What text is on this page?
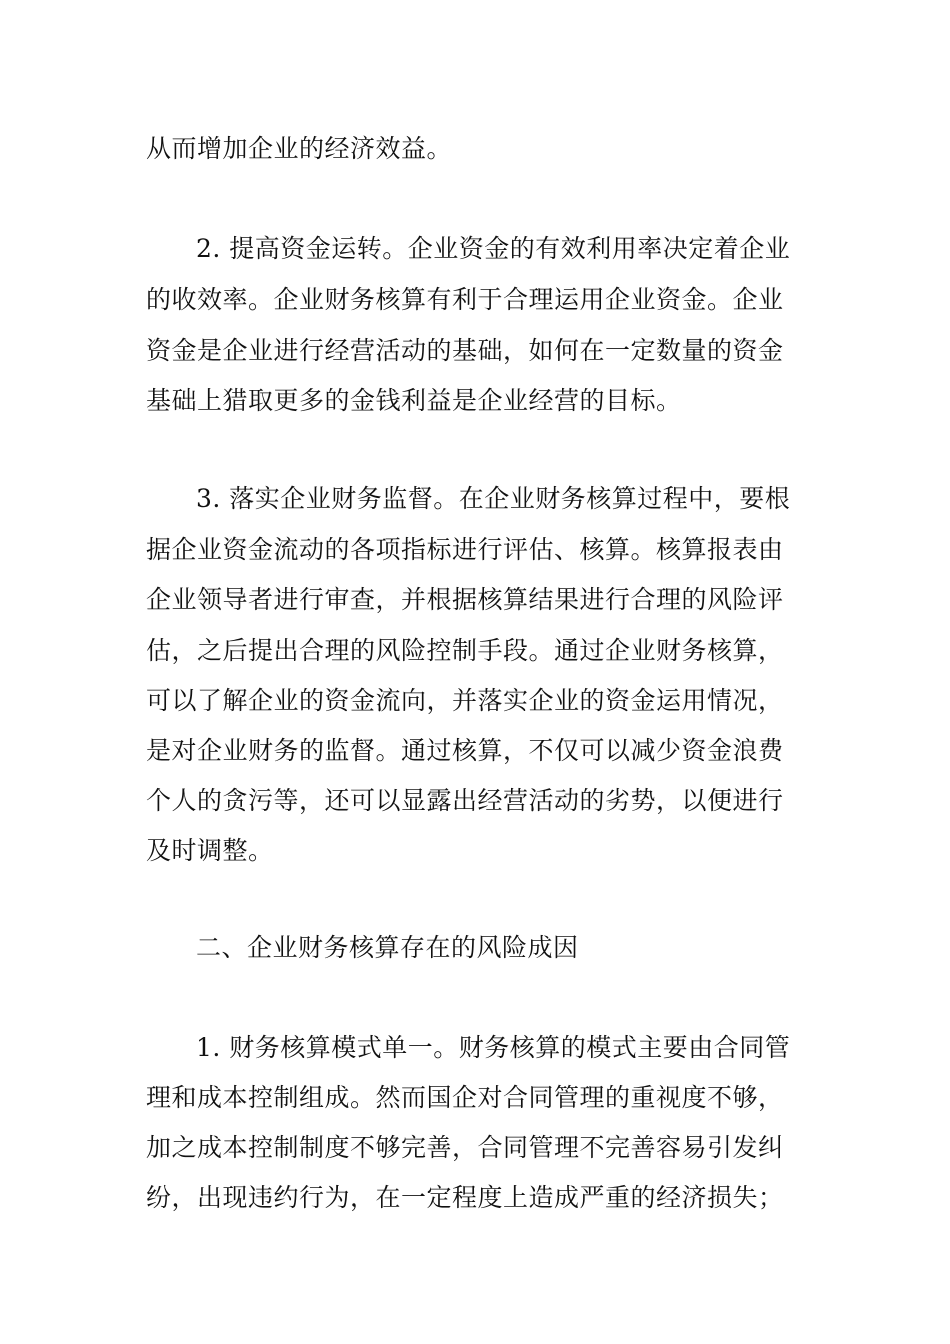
从而增加企业的经济效益。
2. 提高资金运转。企业资金的有效利用率决定着企业
的收效率。企业财务核算有利于合理运用企业资金。企业
资金是企业进行经营活动的基础，如何在一定数量的资金
基础上猎取更多的金钱利益是企业经营的目标。
3. 落实企业财务监督。在企业财务核算过程中，要根
据企业资金流动的各项指标进行评估、核算。核算报表由
企业领导者进行审查，并根据核算结果进行合理的风险评
估，之后提出合理的风险控制手段。通过企业财务核算，
可以了解企业的资金流向，并落实企业的资金运用情况，
是对企业财务的监督。通过核算，不仅可以减少资金浪费
个人的贪污等，还可以显露出经营活动的劣势，以便进行
及时调整。
二、企业财务核算存在的风险成因
1. 财务核算模式单一。财务核算的模式主要由合同管
理和成本控制组成。然而国企对合同管理的重视度不够，
加之成本控制制度不够完善，合同管理不完善容易引发纠
纷，出现违约行为，在一定程度上造成严重的经济损失；
